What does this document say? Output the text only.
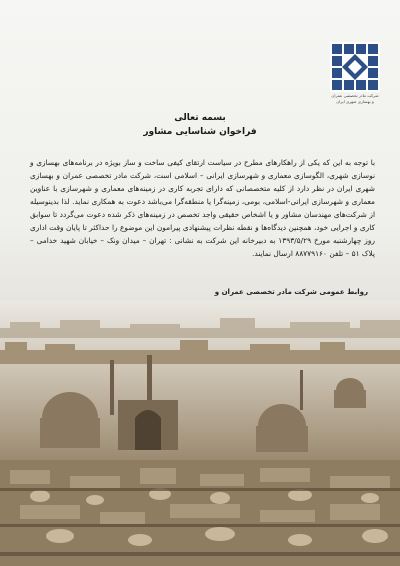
شرکت مادر تخصصی عمران و بهسازی شهری ایران
بسمه تعالی
فراخوان شناسایی مشاور
با توجه به این که یکی از راهکارهای مطرح در سیاست ارتقای کیفی ساخت و ساز بویژه در برنامه‌های بهسازی و نوسازی شهری، الگوسازی معماری و شهرسازی ایرانی – اسلامی است، شرکت مادر تخصصی عمران و بهسازی شهری ایران در نظر دارد از کلیه متخصصانی که دارای تجربه کاری در زمینه‌های معماری و شهرسازی با عناوین معماری و شهرسازی ایرانی-اسلامی، بومی، زمینه‌گرا یا منطقه‌گرا می‌باشد دعوت به همکاری نماید. لذا بدینوسیله از شرکت‌های مهندسان مشاور و یا اشخاص حقیقی واجد تخصص در زمینه‌های ذکر شده دعوت می‌گردد تا سوابق کاری و اجرایی خود، همچنین دیدگاه‌ها و نقطه نظرات پیشنهادی پیرامون این موضوع را حداکثر تا پایان وقت اداری روز چهارشنبه مورخ ۱۳۹۳/۵/۲۹ به دبیرخانه این شرکت به نشانی : تهران – میدان ونک – خیابان شهید خدامی – پلاک ۵۱ – تلفن ۸۸۷۷۹۱۶۰ ارسال نمایند.
روابط عمومی شرکت مادر تخصصی عمران و
